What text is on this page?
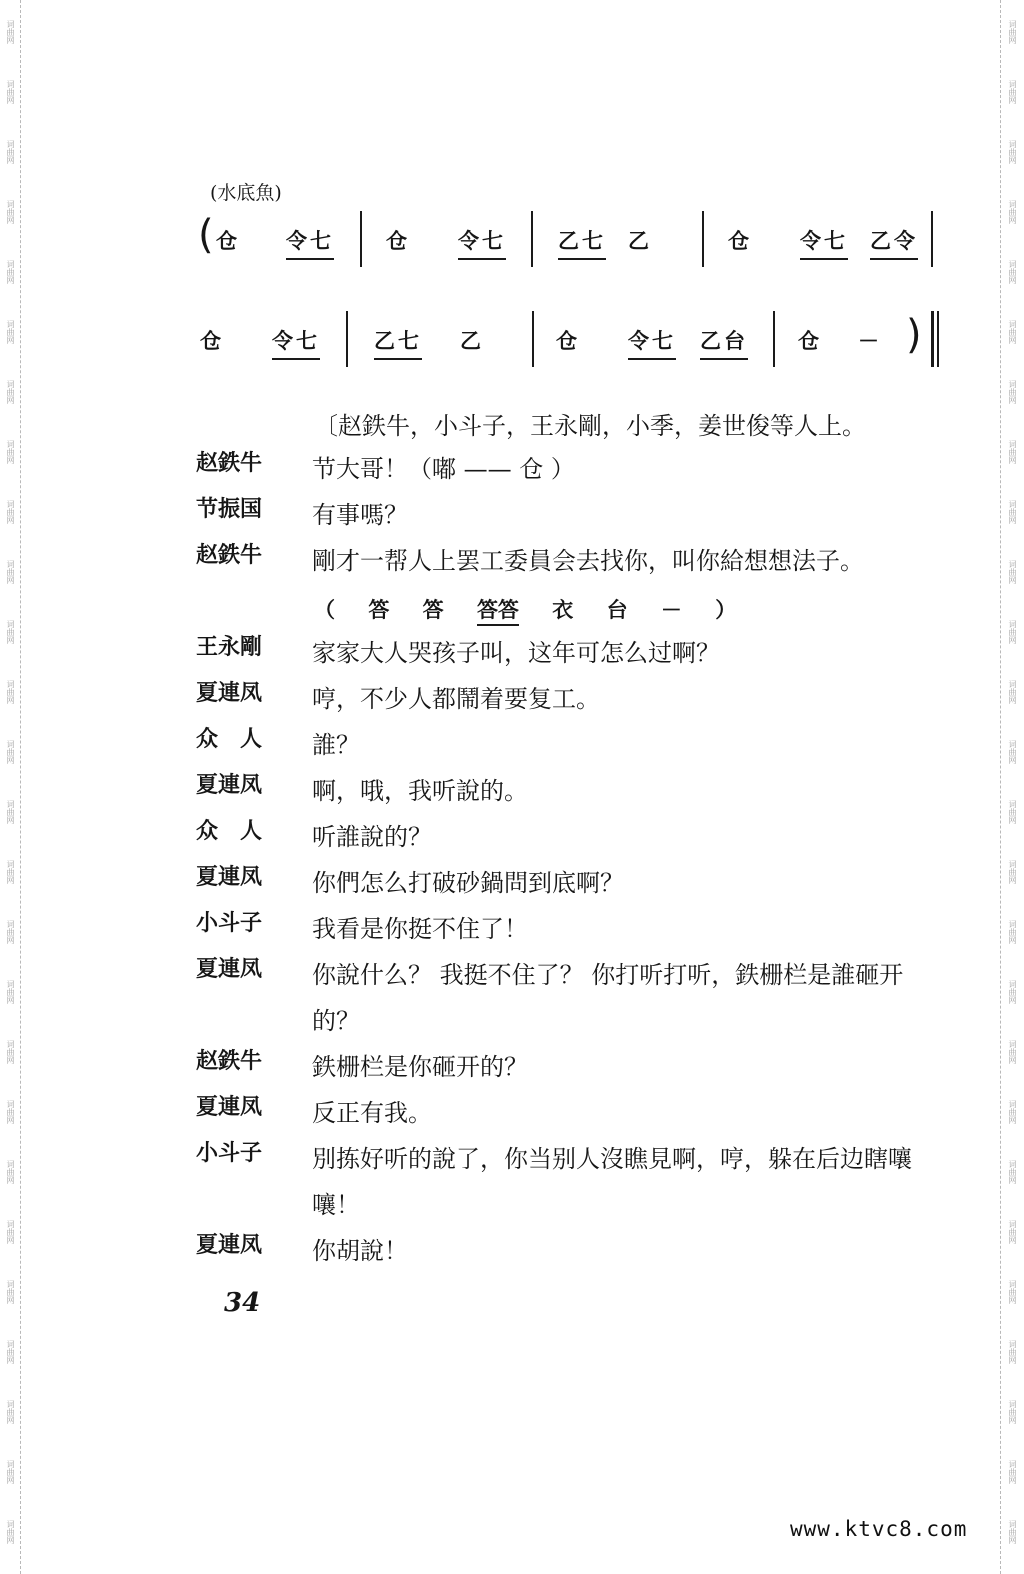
词曲网
词曲网
词曲网
词曲网
词曲网
词曲网
词曲网
词曲网
词曲网
词曲网
词曲网
词曲网
词曲网
词曲网
词曲网
词曲网
词曲网
词曲网
词曲网
词曲网
词曲网
词曲网
词曲网
词曲网
词曲网
词曲网
词曲网
词曲网
词曲网
词曲网
词曲网
词曲网
词曲网
词曲网
词曲网
词曲网
词曲网
词曲网
词曲网
词曲网
词曲网
词曲网
词曲网
词曲网
词曲网
词曲网
词曲网
词曲网
词曲网
词曲网
词曲网
词曲网
(水底魚)
( 仓 令七 仓 令七 乙七 乙	仓 令七 乙令
仓 令七	乙七 乙	仓 令七 乙台 仓 － )
〔赵鉄牛，小斗子，王永剛，小季，姜世俊等人上。
赵鉄牛	节大哥！（嘟 —— 仓 ）
节振国	有事嗎？
赵鉄牛	剛才一帮人上罢工委員会去找你，叫你給想想法子。
（ 答 答 答答 衣 台 － ）
王永剛	家家大人哭孩子叫，这年可怎么过啊？
夏連凤	哼，不少人都鬧着要复工。
众　人	誰？
夏連凤	啊，哦，我听說的。
众　人	听誰說的？
夏連凤	你們怎么打破砂鍋問到底啊？
小斗子	我看是你挺不住了！
夏連凤	你說什么？ 我挺不住了？ 你打听打听，鉄栅栏是誰砸开的？
赵鉄牛	鉄栅栏是你砸开的？
夏連凤	反正有我。
小斗子	別拣好听的說了，你当别人沒瞧見啊，哼，躲在后边瞎嚷嚷！
夏連凤	你胡說！
34
www.ktvc8.com
